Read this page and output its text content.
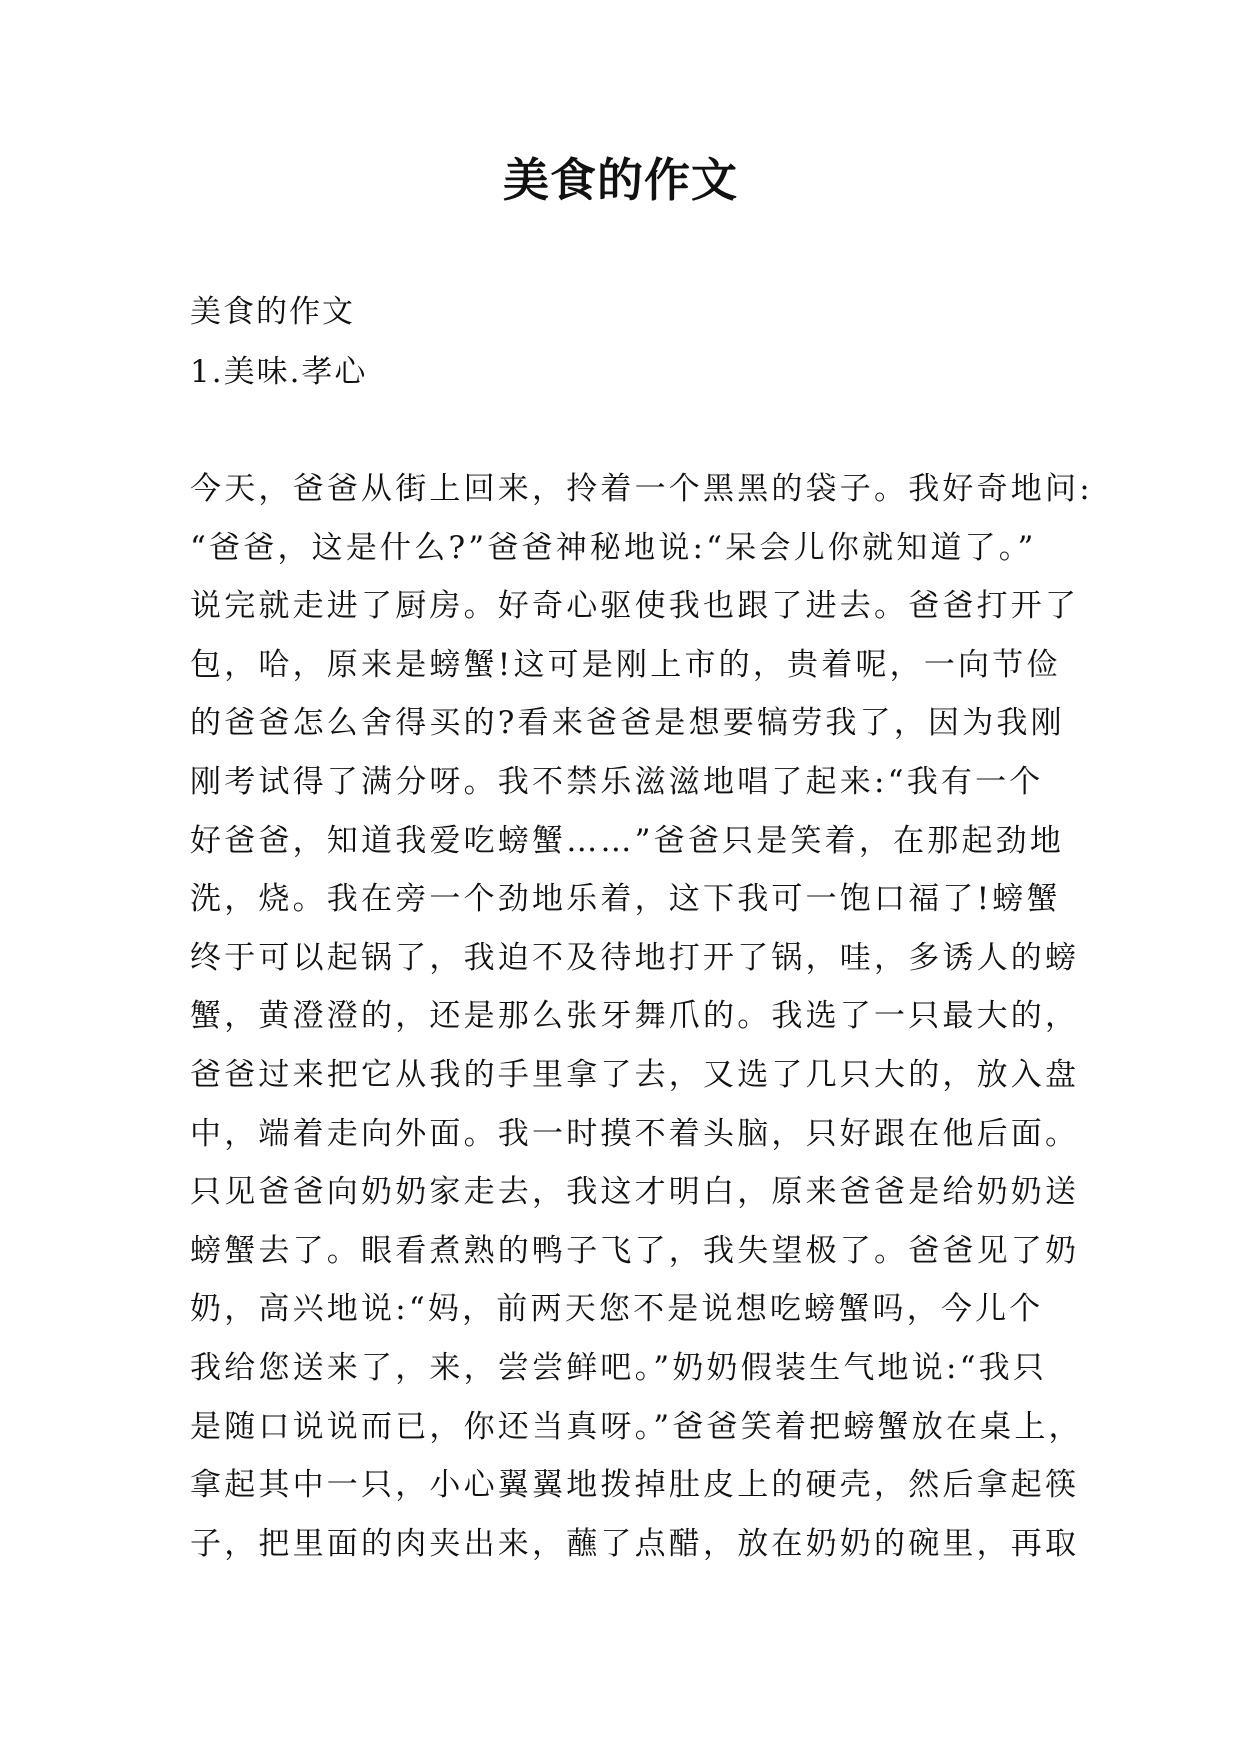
美食的作文

美食的作文

1.美味.孝心

今天，爸爸从街上回来，拎着一个黑黑的袋子。我好奇地问:

“爸爸，这是什么?”爸爸神秘地说:“呆会儿你就知道了。”

说完就走进了厨房。好奇心驱使我也跟了进去。爸爸打开了

包，哈，原来是螃蟹!这可是刚上市的，贵着呢，一向节俭

的爸爸怎么舍得买的?看来爸爸是想要犒劳我了，因为我刚

刚考试得了满分呀。我不禁乐滋滋地唱了起来:“我有一个

好爸爸，知道我爱吃螃蟹……”爸爸只是笑着，在那起劲地

洗，烧。我在旁一个劲地乐着，这下我可一饱口福了!螃蟹

终于可以起锅了，我迫不及待地打开了锅，哇，多诱人的螃

蟹，黄澄澄的，还是那么张牙舞爪的。我选了一只最大的，

爸爸过来把它从我的手里拿了去，又选了几只大的，放入盘

中，端着走向外面。我一时摸不着头脑，只好跟在他后面。

只见爸爸向奶奶家走去，我这才明白，原来爸爸是给奶奶送

螃蟹去了。眼看煮熟的鸭子飞了，我失望极了。爸爸见了奶

奶，高兴地说:“妈，前两天您不是说想吃螃蟹吗，今儿个

我给您送来了，来，尝尝鲜吧。”奶奶假装生气地说:“我只

是随口说说而已，你还当真呀。”爸爸笑着把螃蟹放在桌上，

拿起其中一只，小心翼翼地拨掉肚皮上的硬壳，然后拿起筷

子，把里面的肉夹出来，蘸了点醋，放在奶奶的碗里，再取
